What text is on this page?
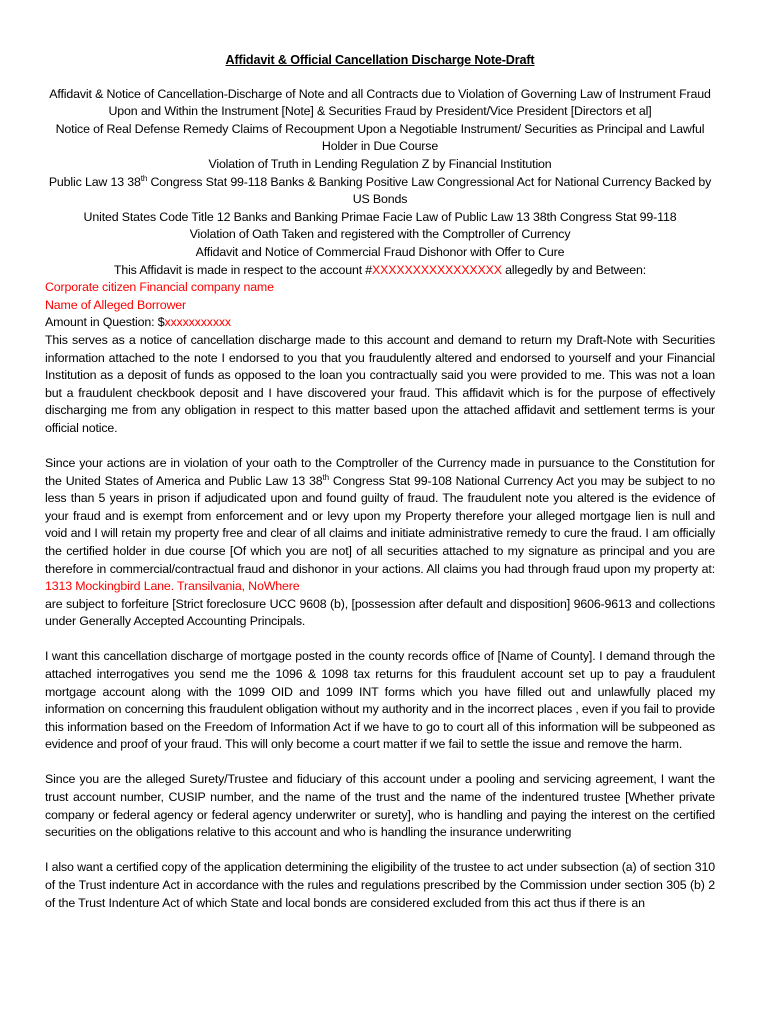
Affidavit & Official Cancellation Discharge Note-Draft
Affidavit & Notice of Cancellation-Discharge of Note and all Contracts due to Violation of Governing Law of Instrument Fraud Upon and Within the Instrument [Note] & Securities Fraud by President/Vice President [Directors et al]
Notice of Real Defense Remedy Claims of Recoupment Upon a Negotiable Instrument/ Securities as Principal and Lawful Holder in Due Course
Violation of Truth in Lending Regulation Z by Financial Institution
Public Law 13 38th Congress Stat 99-118 Banks & Banking Positive Law Congressional Act for National Currency Backed by US Bonds
United States Code Title 12 Banks and Banking Primae Facie Law of Public Law 13 38th Congress Stat 99-118
Violation of Oath Taken and registered with the Comptroller of Currency
Affidavit and Notice of Commercial Fraud Dishonor with Offer to Cure
This Affidavit is made in respect to the account #XXXXXXXXXXXXXXXX allegedly by and Between:
Corporate citizen Financial company name
Name of Alleged Borrower
Amount in Question: $xxxxxxxxxxx
This serves as a notice of cancellation discharge made to this account and demand to return my Draft-Note with Securities information attached to the note I endorsed to you that you fraudulently altered and endorsed to yourself and your Financial Institution as a deposit of funds as opposed to the loan you contractually said you were provided to me. This was not a loan but a fraudulent checkbook deposit and I have discovered your fraud. This affidavit which is for the purpose of effectively discharging me from any obligation in respect to this matter based upon the attached affidavit and settlement terms is your official notice.
Since your actions are in violation of your oath to the Comptroller of the Currency made in pursuance to the Constitution for the United States of America and Public Law 13 38th Congress Stat 99-108 National Currency Act you may be subject to no less than 5 years in prison if adjudicated upon and found guilty of fraud. The fraudulent note you altered is the evidence of your fraud and is exempt from enforcement and or levy upon my Property therefore your alleged mortgage lien is null and void and I will retain my property free and clear of all claims and initiate administrative remedy to cure the fraud. I am officially the certified holder in due course [Of which you are not] of all securities attached to my signature as principal and you are therefore in commercial/contractual fraud and dishonor in your actions. All claims you had through fraud upon my property at: 1313 Mockingbird Lane. Transilvania, NoWhere
are subject to forfeiture [Strict foreclosure UCC 9608 (b), [possession after default and disposition] 9606-9613 and collections under Generally Accepted Accounting Principals.
I want this cancellation discharge of mortgage posted in the county records office of [Name of County]. I demand through the attached interrogatives you send me the 1096 & 1098 tax returns for this fraudulent account set up to pay a fraudulent mortgage account along with the 1099 OID and 1099 INT forms which you have filled out and unlawfully placed my information on concerning this fraudulent obligation without my authority and in the incorrect places , even if you fail to provide this information based on the Freedom of Information Act if we have to go to court all of this information will be subpeoned as evidence and proof of your fraud. This will only become a court matter if we fail to settle the issue and remove the harm.
Since you are the alleged Surety/Trustee and fiduciary of this account under a pooling and servicing agreement, I want the trust account number, CUSIP number, and the name of the trust and the name of the indentured trustee [Whether private company or federal agency or federal agency underwriter or surety], who is handling and paying the interest on the certified securities on the obligations relative to this account and who is handling the insurance underwriting
I also want a certified copy of the application determining the eligibility of the trustee to act under subsection (a) of section 310 of the Trust indenture Act in accordance with the rules and regulations prescribed by the Commission under section 305 (b) 2 of the Trust Indenture Act of which State and local bonds are considered excluded from this act thus if there is an
